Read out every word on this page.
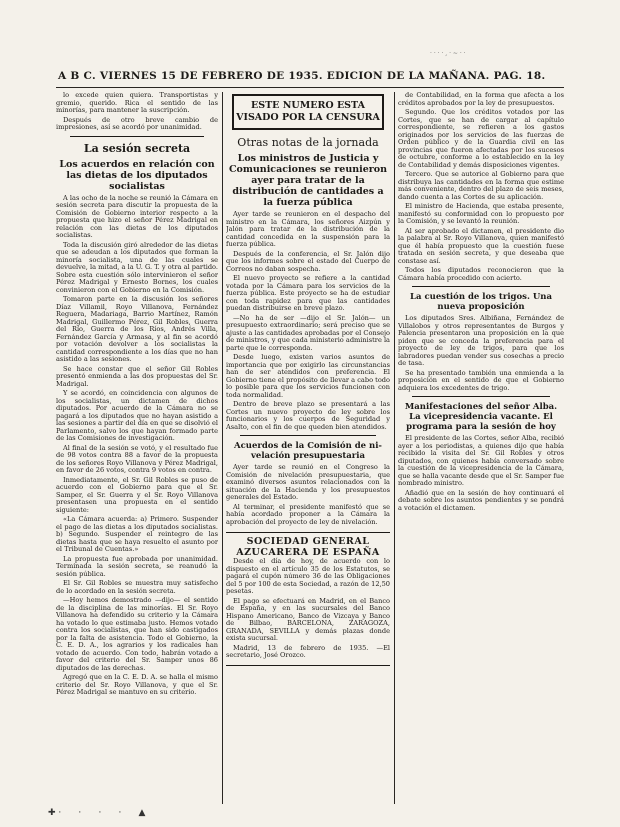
· · · · , · ~ · ·
A B C. VIERNES 15 DE FEBRERO DE 1935. EDICION DE LA MAÑANA. PAG. 18.

lo excede quien quiera. Transportistas y gremio, querido. Rica el sentido de las minorías, para mantener la suscripción.

Después de otro breve cambio de impresiones, así se acordó por unanimidad.

La sesión secreta
Los acuerdos en relación con las dietas de los diputados socialistas

A las ocho de la noche se reunió la Cámara en sesión secreta para discutir la propuesta de la Comisión de Gobierno interior respecto a la propuesta que hizo el señor Pérez Madrigal en relación con las dietas de los diputados socialistas.

Toda la discusión giró alrededor de las dietas que se adeudan a los diputados que forman la minoría socialista, una de las cuales se devuelve, la mitad, a la U. G. T. y otra al partido. Sobre esta cuestión sólo intervinieron el señor Pérez Madrigal y Ernesto Bornes, los cuales convinieron con el Gobierno en la Comisión.

Tomaron parte en la discusión los señores Díaz Villamil, Royo Villanova, Fernández Reguera, Madariaga, Barrio Martínez, Ramón Madrigal, Guillermo Pérez, Gil Robles, Guerra del Río, Guerra de los Ríos, Andrés Villa, Fernández García y Armasa, y al fin se acordó por votación devolver a los socialistas la cantidad correspondiente a los días que no han asistido a las sesiones.

Se hace constar que el señor Gil Robles presentó enmienda a las dos propuestas del Sr. Madrigal.

Y se acordó, en coincidencia con algunos de los socialistas, un dictamen de dichos diputados. Por acuerdo de la Cámara no se pagará a los diputados que no hayan asistido a las sesiones a partir del día en que se disolvió el Parlamento, salvo los que hayan formado parte de las Comisiones de investigación.

Al final de la sesión se votó, y el resultado fue de 98 votos contra 88 a favor de la propuesta de los señores Royo Villanova y Pérez Madrigal, en favor de 26 votos, contra 9 votos en contra.

Inmediatamente, el Sr. Gil Robles se puso de acuerdo con el Gobierno para que el Sr. Samper, el Sr. Guerra y el Sr. Royo Villanova presentasen una propuesta en el sentido siguiente:

«La Cámara acuerda: a) Primero. Suspender el pago de las dietas a los diputados socialistas. b) Segundo. Suspender el reintegro de las dietas hasta que se haya resuelto el asunto por el Tribunal de Cuentas.»

La propuesta fue aprobada por unanimidad. Terminada la sesión secreta, se reanudó la sesión pública.

El Sr. Gil Robles se muestra muy satisfecho de lo acordado en la sesión secreta.

—Hoy hemos demostrado —dijo— el sentido de la disciplina de las minorías. El Sr. Royo Villanova ha defendido su criterio y la Cámara ha votado lo que estimaba justo. Hemos votado contra los socialistas, que han sido castigados por la falta de asistencia. Todo el Gobierno, la C. E. D. A., los agrarios y los radicales han votado de acuerdo. Con todo, habrán votado a favor del criterio del Sr. Samper unos 86 diputados de las derechas.

Agregó que en la C. E. D. A. se halla el mismo criterio del Sr. Royo Villanova, y que el Sr. Pérez Madrigal se mantuvo en su criterio.

ESTE NUMERO ESTA VISADO POR LA CENSURA
Otras notas de la jornada
Los ministros de Justicia y Comunicaciones se reunieron ayer para tratar de la distribución de cantidades a la fuerza pública

Ayer tarde se reunieron en el despacho del ministro en la Cámara, los señores Aizpún y Jalón para tratar de la distribución de la cantidad concedida en la suspensión para la fuerza pública.

Después de la conferencia, el Sr. Jalón dijo que los informes sobre el estado del Cuerpo de Correos no daban sospecha.

El nuevo proyecto se refiere a la cantidad votada por la Cámara para los servicios de la fuerza pública. Este proyecto se ha de estudiar con toda rapidez para que las cantidades puedan distribuirse en breve plazo.

—No ha de ser —dijo el Sr. Jalón— un presupuesto extraordinario; será preciso que se ajuste a las cantidades aprobadas por el Consejo de ministros, y que cada ministerio administre la parte que le corresponda.

Desde luego, existen varios asuntos de importancia que por exigirlo las circunstancias han de ser atendidos con preferencia. El Gobierno tiene el propósito de llevar a cabo todo lo posible para que los servicios funcionen con toda normalidad.

Dentro de breve plazo se presentará a las Cortes un nuevo proyecto de ley sobre los funcionarios y los cuerpos de Seguridad y Asalto, con el fin de que queden bien atendidos.

Acuerdos de la Comisión de ni-
velación presupuestaria

Ayer tarde se reunió en el Congreso la Comisión de nivelación presupuestaria, que examinó diversos asuntos relacionados con la situación de la Hacienda y los presupuestos generales del Estado.

Al terminar, el presidente manifestó que se había acordado proponer a la Cámara la aprobación del proyecto de ley de nivelación.

SOCIEDAD GENERAL AZUCARERA DE ESPAÑA

Desde el día de hoy, de acuerdo con lo dispuesto en el artículo 35 de los Estatutos, se pagará el cupón número 36 de las Obligaciones del 5 por 100 de esta Sociedad, a razón de 12,50 pesetas.

El pago se efectuará en Madrid, en el Banco de España, y en las sucursales del Banco Hispano Americano, Banco de Vizcaya y Banco de Bilbao, BARCELONA, ZARAGOZA, GRANADA, SEVILLA y demás plazas donde exista sucursal.

Madrid, 13 de febrero de 1935. —El secretario, José Orozco.

de Contabilidad, en la forma que afecta a los créditos aprobados por la ley de presupuestos.

Segundo. Que los créditos votados por las Cortes, que se han de cargar al capítulo correspondiente, se refieren a los gastos originados por los servicios de las fuerzas de Orden público y de la Guardia civil en las provincias que fueron afectadas por los sucesos de octubre, conforme a lo establecido en la ley de Contabilidad y demás disposiciones vigentes.

Tercero. Que se autorice al Gobierno para que distribuya las cantidades en la forma que estime más conveniente, dentro del plazo de seis meses, dando cuenta a las Cortes de su aplicación.

El ministro de Hacienda, que estaba presente, manifestó su conformidad con lo propuesto por la Comisión, y se levantó la reunión.

Al ser aprobado el dictamen, el presidente dio la palabra al Sr. Royo Villanova, quien manifestó que él había propuesto que la cuestión fuese tratada en sesión secreta, y que deseaba que constase así.

Todos los diputados reconocieron que la Cámara había procedido con acierto.

La cuestión de los trigos. Una
nueva proposición

Los diputados Sres. Albiñana, Fernández de Villalobos y otros representantes de Burgos y Palencia presentaron una proposición en la que piden que se conceda la preferencia para el proyecto de ley de trigos, para que los labradores puedan vender sus cosechas a precio de tasa.

Se ha presentado también una enmienda a la proposición en el sentido de que el Gobierno adquiera los excedentes de trigo.

Manifestaciones del señor Alba.
La vicepresidencia vacante. El
programa para la sesión de hoy

El presidente de las Cortes, señor Alba, recibió ayer a los periodistas, a quienes dijo que había recibido la visita del Sr. Gil Robles y otros diputados, con quienes había conversado sobre la cuestión de la vicepresidencia de la Cámara, que se halla vacante desde que el Sr. Samper fue nombrado ministro.

Añadió que en la sesión de hoy continuará el debate sobre los asuntos pendientes y se pondrá a votación el dictamen.

✚ ·      ·      ·      ·      ▲
